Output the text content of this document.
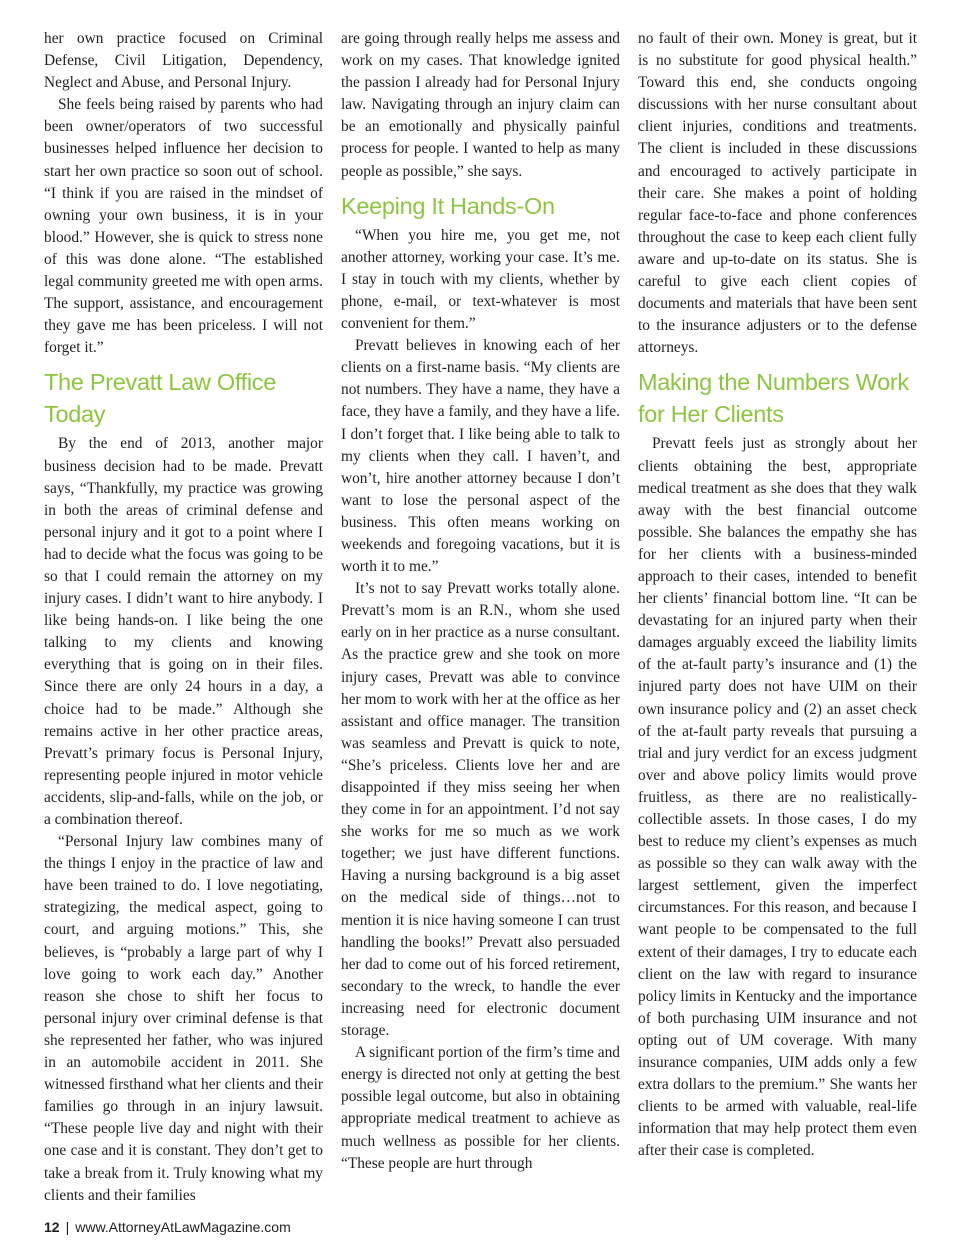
her own practice focused on Criminal Defense, Civil Litigation, Dependency, Neglect and Abuse, and Personal Injury.

She feels being raised by parents who had been owner/operators of two successful businesses helped influence her decision to start her own practice so soon out of school. “I think if you are raised in the mindset of owning your own business, it is in your blood.” However, she is quick to stress none of this was done alone. “The established legal community greeted me with open arms. The support, assistance, and encouragement they gave me has been priceless. I will not forget it.”

The Prevatt Law Office Today

By the end of 2013, another major business decision had to be made. Prevatt says, “Thankfully, my practice was growing in both the areas of criminal defense and personal injury and it got to a point where I had to decide what the focus was going to be so that I could remain the attorney on my injury cases. I didn’t want to hire anybody. I like being hands-on. I like being the one talking to my clients and knowing everything that is going on in their files. Since there are only 24 hours in a day, a choice had to be made.” Although she remains active in her other practice areas, Prevatt’s primary focus is Personal Injury, representing people injured in motor vehicle accidents, slip-and-falls, while on the job, or a combination thereof.

“Personal Injury law combines many of the things I enjoy in the practice of law and have been trained to do. I love negotiating, strategizing, the medical aspect, going to court, and arguing motions.” This, she believes, is “probably a large part of why I love going to work each day.” Another reason she chose to shift her focus to personal injury over criminal defense is that she represented her father, who was injured in an automobile accident in 2011. She witnessed firsthand what her clients and their families go through in an injury lawsuit. “These people live day and night with their one case and it is constant. They don’t get to take a break from it. Truly knowing what my clients and their families

are going through really helps me assess and work on my cases. That knowledge ignited the passion I already had for Personal Injury law. Navigating through an injury claim can be an emotionally and physically painful process for people. I wanted to help as many people as possible,” she says.

Keeping It Hands-On

“When you hire me, you get me, not another attorney, working your case. It’s me. I stay in touch with my clients, whether by phone, e-mail, or text-whatever is most convenient for them.”

Prevatt believes in knowing each of her clients on a first-name basis. “My clients are not numbers. They have a name, they have a face, they have a family, and they have a life. I don’t forget that. I like being able to talk to my clients when they call. I haven’t, and won’t, hire another attorney because I don’t want to lose the personal aspect of the business. This often means working on weekends and foregoing vacations, but it is worth it to me.”

It’s not to say Prevatt works totally alone. Prevatt’s mom is an R.N., whom she used early on in her practice as a nurse consultant. As the practice grew and she took on more injury cases, Prevatt was able to convince her mom to work with her at the office as her assistant and office manager. The transition was seamless and Prevatt is quick to note, “She’s priceless. Clients love her and are disappointed if they miss seeing her when they come in for an appointment. I’d not say she works for me so much as we work together; we just have different functions. Having a nursing background is a big asset on the medical side of things…not to mention it is nice having someone I can trust handling the books!” Prevatt also persuaded her dad to come out of his forced retirement, secondary to the wreck, to handle the ever increasing need for electronic document storage.

A significant portion of the firm’s time and energy is directed not only at getting the best possible legal outcome, but also in obtaining appropriate medical treatment to achieve as much wellness as possible for her clients. “These people are hurt through

no fault of their own. Money is great, but it is no substitute for good physical health.” Toward this end, she conducts ongoing discussions with her nurse consultant about client injuries, conditions and treatments. The client is included in these discussions and encouraged to actively participate in their care. She makes a point of holding regular face-to-face and phone conferences throughout the case to keep each client fully aware and up-to-date on its status. She is careful to give each client copies of documents and materials that have been sent to the insurance adjusters or to the defense attorneys.

Making the Numbers Work for Her Clients

Prevatt feels just as strongly about her clients obtaining the best, appropriate medical treatment as she does that they walk away with the best financial outcome possible. She balances the empathy she has for her clients with a business-minded approach to their cases, intended to benefit her clients’ financial bottom line. “It can be devastating for an injured party when their damages arguably exceed the liability limits of the at-fault party’s insurance and (1) the injured party does not have UIM on their own insurance policy and (2) an asset check of the at-fault party reveals that pursuing a trial and jury verdict for an excess judgment over and above policy limits would prove fruitless, as there are no realistically-collectible assets. In those cases, I do my best to reduce my client’s expenses as much as possible so they can walk away with the largest settlement, given the imperfect circumstances. For this reason, and because I want people to be compensated to the full extent of their damages, I try to educate each client on the law with regard to insurance policy limits in Kentucky and the importance of both purchasing UIM insurance and not opting out of UM coverage. With many insurance companies, UIM adds only a few extra dollars to the premium.” She wants her clients to be armed with valuable, real-life information that may help protect them even after their case is completed.

12 | www.AttorneyAtLawMagazine.com
